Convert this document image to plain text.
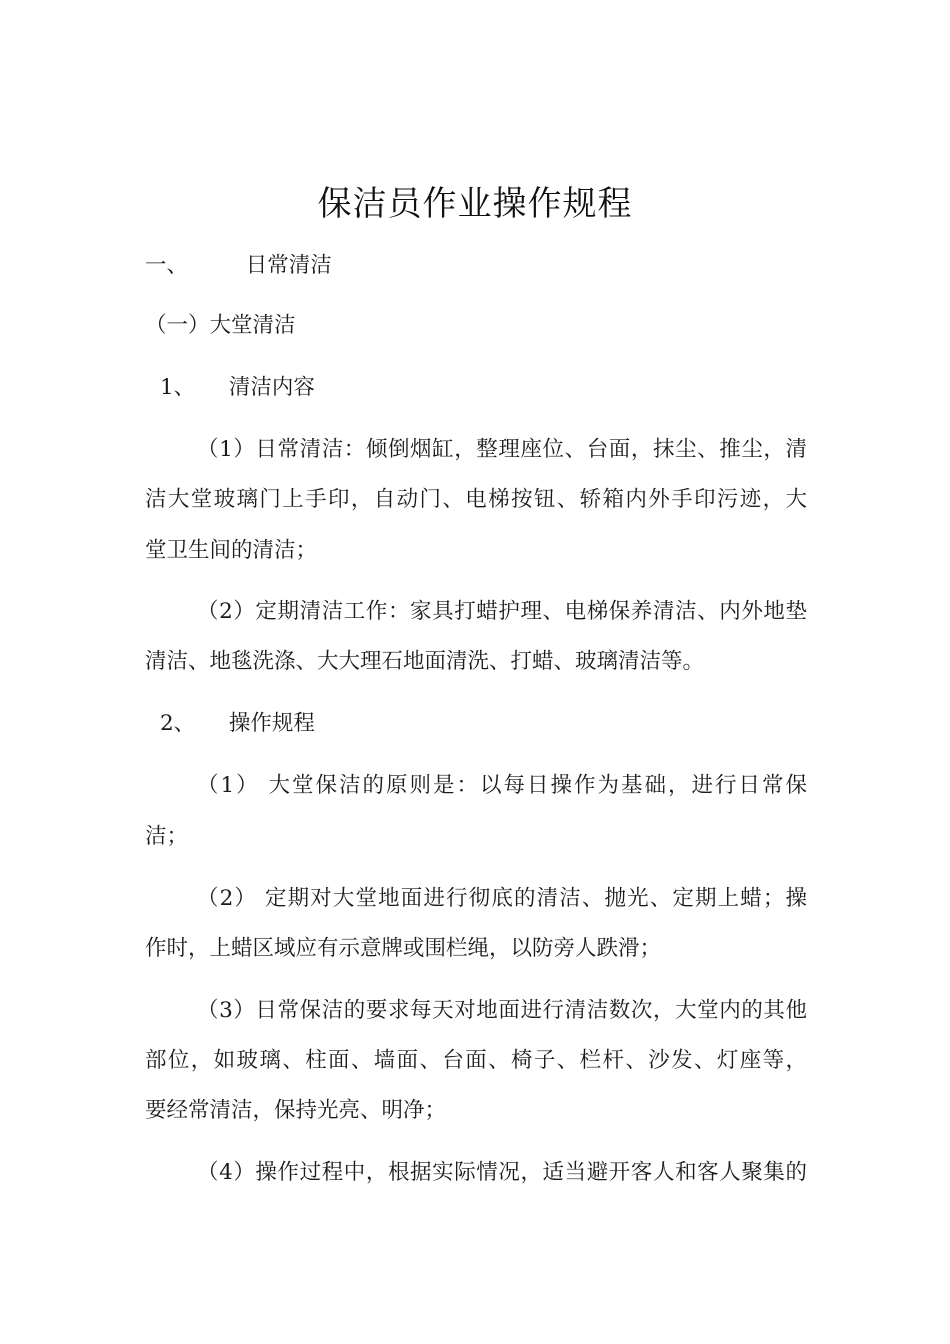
保洁员作业操作规程
一、	日常清洁
（一）大堂清洁
1、 清洁内容
（1）日常清洁：倾倒烟缸，整理座位、台面，抹尘、推尘，清
洁大堂玻璃门上手印，自动门、电梯按钮、轿箱内外手印污迹，大
堂卫生间的清洁；
（2）定期清洁工作：家具打蜡护理、电梯保养清洁、内外地垫
清洁、地毯洗涤、大大理石地面清洗、打蜡、玻璃清洁等。
2、 操作规程
（1） 大堂保洁的原则是：以每日操作为基础，进行日常保
洁；
（2） 定期对大堂地面进行彻底的清洁、抛光、定期上蜡；操
作时，上蜡区域应有示意牌或围栏绳，以防旁人跌滑；
（3）日常保洁的要求每天对地面进行清洁数次，大堂内的其他
部位，如玻璃、柱面、墙面、台面、椅子、栏杆、沙发、灯座等，
要经常清洁，保持光亮、明净；
（4）操作过程中，根据实际情况，适当避开客人和客人聚集的
